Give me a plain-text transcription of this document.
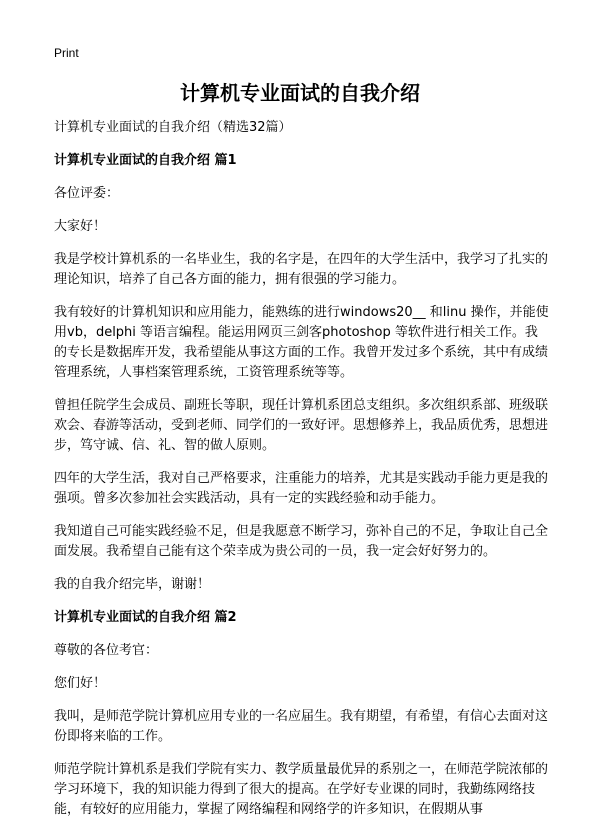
Print
计算机专业面试的自我介绍

计算机专业面试的自我介绍（精选32篇）

计算机专业面试的自我介绍 篇1

各位评委：

大家好！

我是学校计算机系的一名毕业生，我的名字是，在四年的大学生活中，我学习了扎实的理论知识，培养了自己各方面的能力，拥有很强的学习能力。

我有较好的计算机知识和应用能力，能熟练的进行windows20__ 和linu 操作，并能使用vb，delphi 等语言编程。能运用网页三剑客photoshop 等软件进行相关工作。我的专长是数据库开发，我希望能从事这方面的工作。我曾开发过多个系统，其中有成绩管理系统，人事档案管理系统，工资管理系统等等。

曾担任院学生会成员、副班长等职，现任计算机系团总支组织。多次组织系部、班级联欢会、春游等活动，受到老师、同学们的一致好评。思想修养上，我品质优秀，思想进步，笃守诚、信、礼、智的做人原则。

四年的大学生活，我对自己严格要求，注重能力的培养，尤其是实践动手能力更是我的强项。曾多次参加社会实践活动，具有一定的实践经验和动手能力。

我知道自己可能实践经验不足，但是我愿意不断学习，弥补自己的不足，争取让自己全面发展。我希望自己能有这个荣幸成为贵公司的一员，我一定会好好努力的。

我的自我介绍完毕，谢谢！

计算机专业面试的自我介绍 篇2

尊敬的各位考官：

您们好！

我叫，是师范学院计算机应用专业的一名应届生。我有期望，有希望，有信心去面对这份即将来临的工作。

师范学院计算机系是我们学院有实力、教学质量最优异的系别之一，在师范学院浓郁的学习环境下，我的知识能力得到了很大的提高。在学好专业课的同时，我勤练网络技能，有较好的应用能力，掌握了网络编程和网络学的许多知识，在假期从事
